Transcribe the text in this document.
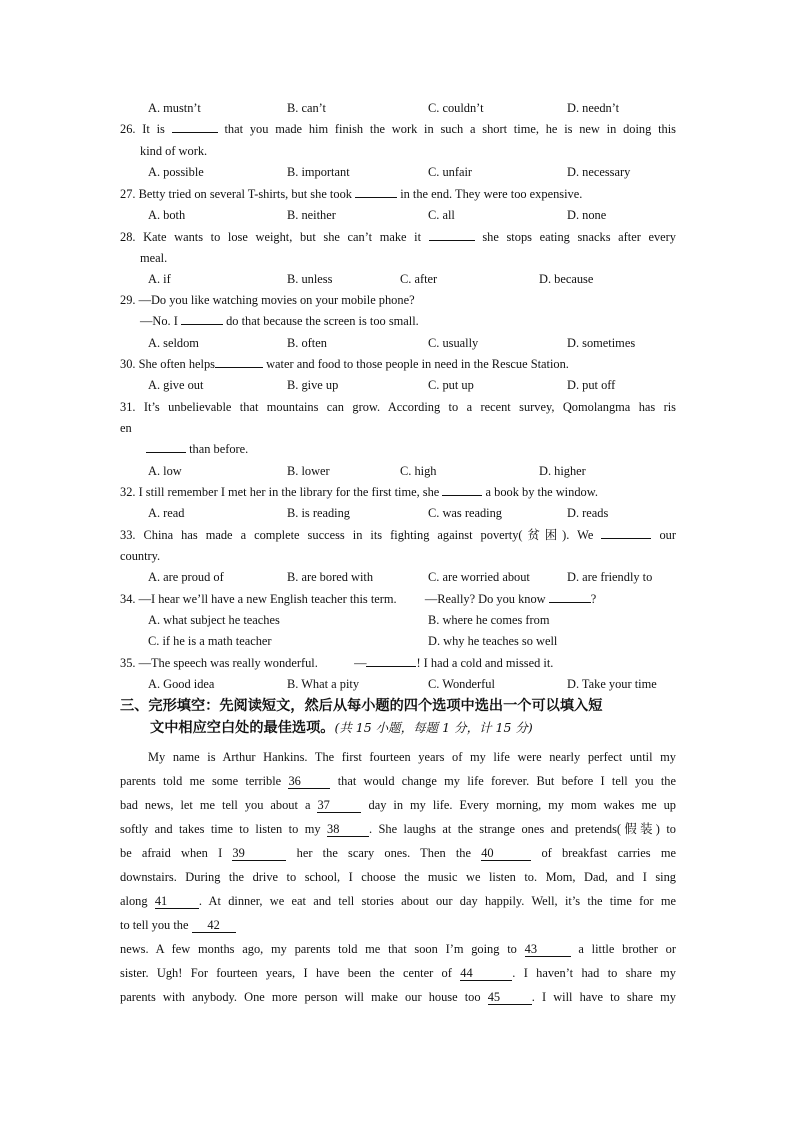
A. mustn’t	B. can’t	C. couldn’t	D. needn’t
26. It is	that you made him finish the work in such a short time, he is new in doing this
kind of work.
A. possible	B. important	C. unfair	D. necessary
27. Betty tried on several T-shirts, but she took	in the end. They were too expensive.
A. both	B. neither	C. all	D. none
28. Kate wants to lose weight, but she can’t make it	she stops eating snacks after every
meal.
A. if	B. unless	C. after	D. because
29. —Do you like watching movies on your mobile phone?
—No. I	do that because the screen is too small.
A. seldom	B. often	C. usually	D. sometimes
30. She often helps	water and food to those people in need in the Rescue Station.
A. give out	B. give up	C. put up	D. put off
31. It’s unbelievable that mountains can grow. According to a recent survey, Qomolangma has ris
en
than before.
A. low	B. lower	C. high	D. higher
32. I still remember I met her in the library for the first time, she	a book by the window.
A. read	B. is reading	C. was reading	D. reads
33. China has made a complete success in its fighting against poverty(贫困). We	our
country.
A. are proud of	B. are bored with	C. are worried about	D. are friendly to
34. —I hear we’ll have a new English teacher this term. —Really? Do you know	?
A. what subject he teaches	B. where he comes from
C. if he is a math teacher	D. why he teaches so well
35. —The speech was really wonderful.	—	! I had a cold and missed it.
A. Good idea	B. What a pity	C. Wonderful	D. Take your time
三、完形填空：先阅读短文，然后从每小题的四个选项中选出一个可以填入短
文中相应空白处的最佳选项。(共 15 小题，每题 1 分，计 15 分)
My name is Arthur Hankins. The first fourteen years of my life were nearly perfect until my
parents told me some terrible 36	that would change my life forever. But before I tell you the
bad news, let me tell you about a 37	day in my life. Every morning, my mom wakes me up
softly and takes time to listen to my 38 . She laughs at the strange ones and pretends(假装) to
be afraid when I 39	her the scary ones. Then the 40	of breakfast carries me
downstairs. During the drive to school, I choose the music we listen to. Mom, Dad, and I sing
along 41	. At dinner, we eat and tell stories about our day happily. Well, it’s the time for me
to tell you the 42
news. A few months ago, my parents told me that soon I’m going to 43	a little brother or
sister. Ugh! For fourteen years, I have been the center of 44	. I haven’t had to share my
parents with anybody. One more person will make our house too 45	. I will have to share my
